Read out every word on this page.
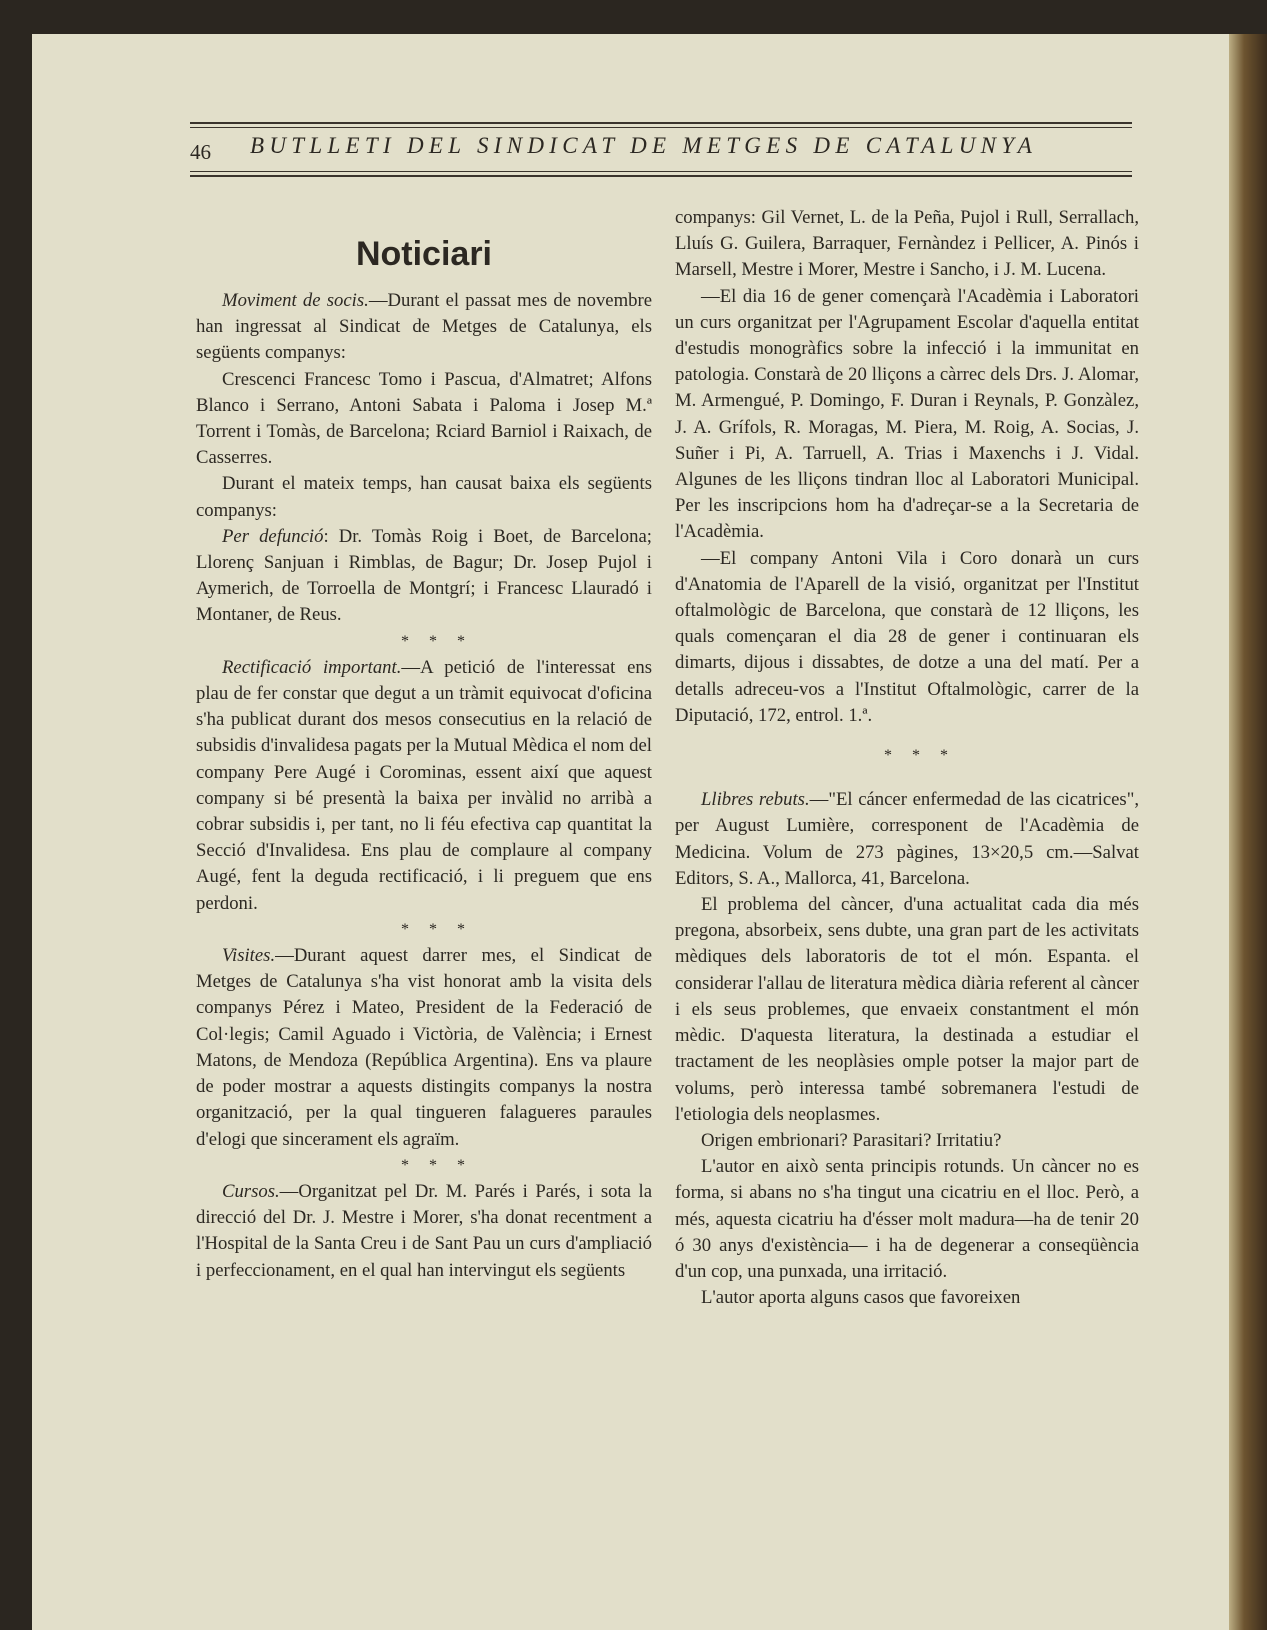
46 BUTLLETI DEL SINDICAT DE METGES DE CATALUNYA
Noticiari

Moviment de socis.—Durant el passat mes de novembre han ingressat al Sindicat de Metges de Catalunya, els següents companys:

Crescenci Francesc Tomo i Pascua, d'Almatret; Alfons Blanco i Serrano, Antoni Sabata i Paloma i Josep M.ª Torrent i Tomàs, de Barcelona; Rciard Barniol i Raixach, de Casserres.

Durant el mateix temps, han causat baixa els següents companys:

Per defunció: Dr. Tomàs Roig i Boet, de Barcelona; Llorenç Sanjuan i Rimblas, de Bagur; Dr. Josep Pujol i Aymerich, de Torroella de Montgrí; i Francesc Llauradó i Montaner, de Reus.

* * *

Rectificació important.—A petició de l'interessat ens plau de fer constar que degut a un tràmit equivocat d'oficina s'ha publicat durant dos mesos consecutius en la relació de subsidis d'invalidesa pagats per la Mutual Mèdica el nom del company Pere Augé i Corominas, essent així que aquest company si bé presentà la baixa per invàlid no arribà a cobrar subsidis i, per tant, no li féu efectiva cap quantitat la Secció d'Invalidesa. Ens plau de complaure al company Augé, fent la deguda rectificació, i li preguem que ens perdoni.

* * *

Visites.—Durant aquest darrer mes, el Sindicat de Metges de Catalunya s'ha vist honorat amb la visita dels companys Pérez i Mateo, President de la Federació de Col·legis; Camil Aguado i Victòria, de València; i Ernest Matons, de Mendoza (República Argentina). Ens va plaure de poder mostrar a aquests distingits companys la nostra organització, per la qual tingueren falagueres paraules d'elogi que sincerament els agraïm.

* * *

Cursos.—Organitzat pel Dr. M. Parés i Parés, i sota la direcció del Dr. J. Mestre i Morer, s'ha donat recentment a l'Hospital de la Santa Creu i de Sant Pau un curs d'ampliació i perfeccionament, en el qual han intervingut els següents

companys: Gil Vernet, L. de la Peña, Pujol i Rull, Serrallach, Lluís G. Guilera, Barraquer, Fernàndez i Pellicer, A. Pinós i Marsell, Mestre i Morer, Mestre i Sancho, i J. M. Lucena.

—El dia 16 de gener començarà l'Acadèmia i Laboratori un curs organitzat per l'Agrupament Escolar d'aquella entitat d'estudis monogràfics sobre la infecció i la immunitat en patologia. Constarà de 20 lliçons a càrrec dels Drs. J. Alomar, M. Armengué, P. Domingo, F. Duran i Reynals, P. Gonzàlez, J. A. Grífols, R. Moragas, M. Piera, M. Roig, A. Socias, J. Suñer i Pi, A. Tarruell, A. Trias i Maxenchs i J. Vidal. Algunes de les lliçons tindran lloc al Laboratori Municipal. Per les inscripcions hom ha d'adreçar-se a la Secretaria de l'Acadèmia.

—El company Antoni Vila i Coro donarà un curs d'Anatomia de l'Aparell de la visió, organitzat per l'Institut oftalmològic de Barcelona, que constarà de 12 lliçons, les quals començaran el dia 28 de gener i continuaran els dimarts, dijous i dissabtes, de dotze a una del matí. Per a detalls adreceu-vos a l'Institut Oftalmològic, carrer de la Diputació, 172, entrol. 1.ª.

* * *

Llibres rebuts.—"El cáncer enfermedad de las cicatrices", per August Lumière, corresponent de l'Acadèmia de Medicina. Volum de 273 pàgines, 13×20,5 cm.—Salvat Editors, S. A., Mallorca, 41, Barcelona.

El problema del càncer, d'una actualitat cada dia més pregona, absorbeix, sens dubte, una gran part de les activitats mèdiques dels laboratoris de tot el món. Espanta. el considerar l'allau de literatura mèdica diària referent al càncer i els seus problemes, que envaeix constantment el món mèdic. D'aquesta literatura, la destinada a estudiar el tractament de les neoplàsies omple potser la major part de volums, però interessa també sobremanera l'estudi de l'etiologia dels neoplasmes.

Origen embrionari? Parasitari? Irritatiu?

L'autor en això senta principis rotunds. Un càncer no es forma, si abans no s'ha tingut una cicatriu en el lloc. Però, a més, aquesta cicatriu ha d'ésser molt madura—ha de tenir 20 ó 30 anys d'existència— i ha de degenerar a conseqüència d'un cop, una punxada, una irritació.

L'autor aporta alguns casos que favoreixen
